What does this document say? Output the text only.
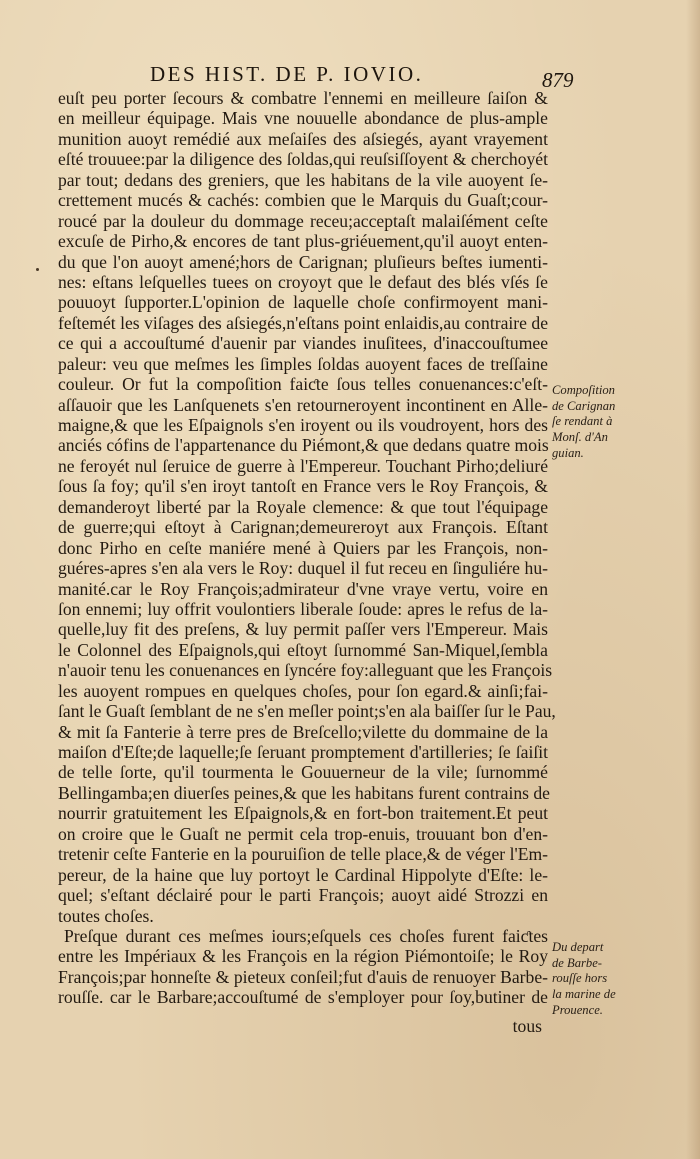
DES HIST. DE P. IOVIO.	879
euſt peu porter ſecours & combatre l'ennemi en meilleure ſaiſon &
en meilleur équipage. Mais vne nouuelle abondance de plus-ample
munition auoyt remédié aux meſaiſes des aſsiegés, ayant vrayement
eſté trouuee:par la diligence des ſoldas,qui reuſsiſſoyent & cherchoyét
par tout; dedans des greniers, que les habitans de la vile auoyent ſe-
crettement mucés & cachés: combien que le Marquis du Guaſt;cour-
roucé par la douleur du dommage receu;acceptaſt malaiſément ceſte
excuſe de Pirho,& encores de tant plus-griéuement,qu'il auoyt enten-
du que l'on auoyt amené;hors de Carignan; pluſieurs beſtes iumenti-
nes: eſtans leſquelles tuees on croyoyt que le defaut des blés vſés ſe
pouuoyt ſupporter.L'opinion de laquelle choſe confirmoyent mani-
feſtemét les viſages des aſsiegés,n'eſtans point enlaidis,au contraire de
ce qui a accouſtumé d'auenir par viandes inuſitees, d'inaccouſtumee
paleur: veu que meſmes les ſimples ſoldas auoyent faces de treſſaine
couleur. Or fut la compoſition faiƈte ſous telles conuenances:c'eſt-
aſſauoir que les Lanſquenets s'en retourneroyent incontinent en Alle-
maigne,& que les Eſpaignols s'en iroyent ou ils voudroyent, hors des
anciés cófins de l'appartenance du Piémont,& que dedans quatre mois
ne feroyét nul ſeruice de guerre à l'Empereur. Touchant Pirho;deliuré
ſous ſa foy; qu'il s'en iroyt tantoſt en France vers le Roy François, &
demanderoyt liberté par la Royale clemence: & que tout l'équipage
de guerre;qui eſtoyt à Carignan;demeureroyt aux François. Eſtant
donc Pirho en ceſte maniére mené à Quiers par les François, non-
guéres-apres s'en ala vers le Roy: duquel il fut receu en ſinguliére hu-
manité.car le Roy François;admirateur d'vne vraye vertu, voire en
ſon ennemi; luy offrit voulontiers liberale ſoude: apres le refus de la-
quelle,luy fit des preſens, & luy permit paſſer vers l'Empereur. Mais
le Colonnel des Eſpaignols,qui eſtoyt ſurnommé San-Miquel,ſembla
n'auoir tenu les conuenances en ſyncére foy:alleguant que les François
les auoyent rompues en quelques choſes, pour ſon egard.& ainſi;fai-
ſant le Guaſt ſemblant de ne s'en meſler point;s'en ala baiſſer ſur le Pau,
& mit ſa Fanterie à terre pres de Breſcello;vilette du dommaine de la
maiſon d'Eſte;de laquelle;ſe ſeruant promptement d'artilleries; ſe ſaiſit
de telle ſorte, qu'il tourmenta le Gouuerneur de la vile; ſurnommé
Bellingamba;en diuerſes peines,& que les habitans furent contrains de
nourrir gratuitement les Eſpaignols,& en fort-bon traitement.Et peut
on croire que le Guaſt ne permit cela trop-enuis, trouuant bon d'en-
tretenir ceſte Fanterie en la pouruiſion de telle place,& de véger l'Em-
pereur, de la haine que luy portoyt le Cardinal Hippolyte d'Eſte: le-
quel; s'eſtant déclairé pour le parti François; auoyt aidé Strozzi en
toutes choſes.
Preſque durant ces meſmes iours;eſquels ces choſes furent faiƈtes
entre les Impériaux & les François en la région Piémontoiſe; le Roy
François;par honneſte & pieteux conſeil;fut d'auis de renuoyer Barbe-
rouſſe. car le Barbare;accouſtumé de s'employer pour ſoy,butiner de
tous
Compoſition
de Carignan
ſe rendant à
Monſ. d'An
guian.
Du depart
de Barbe-
rouſſe hors
la marine de
Prouence.
